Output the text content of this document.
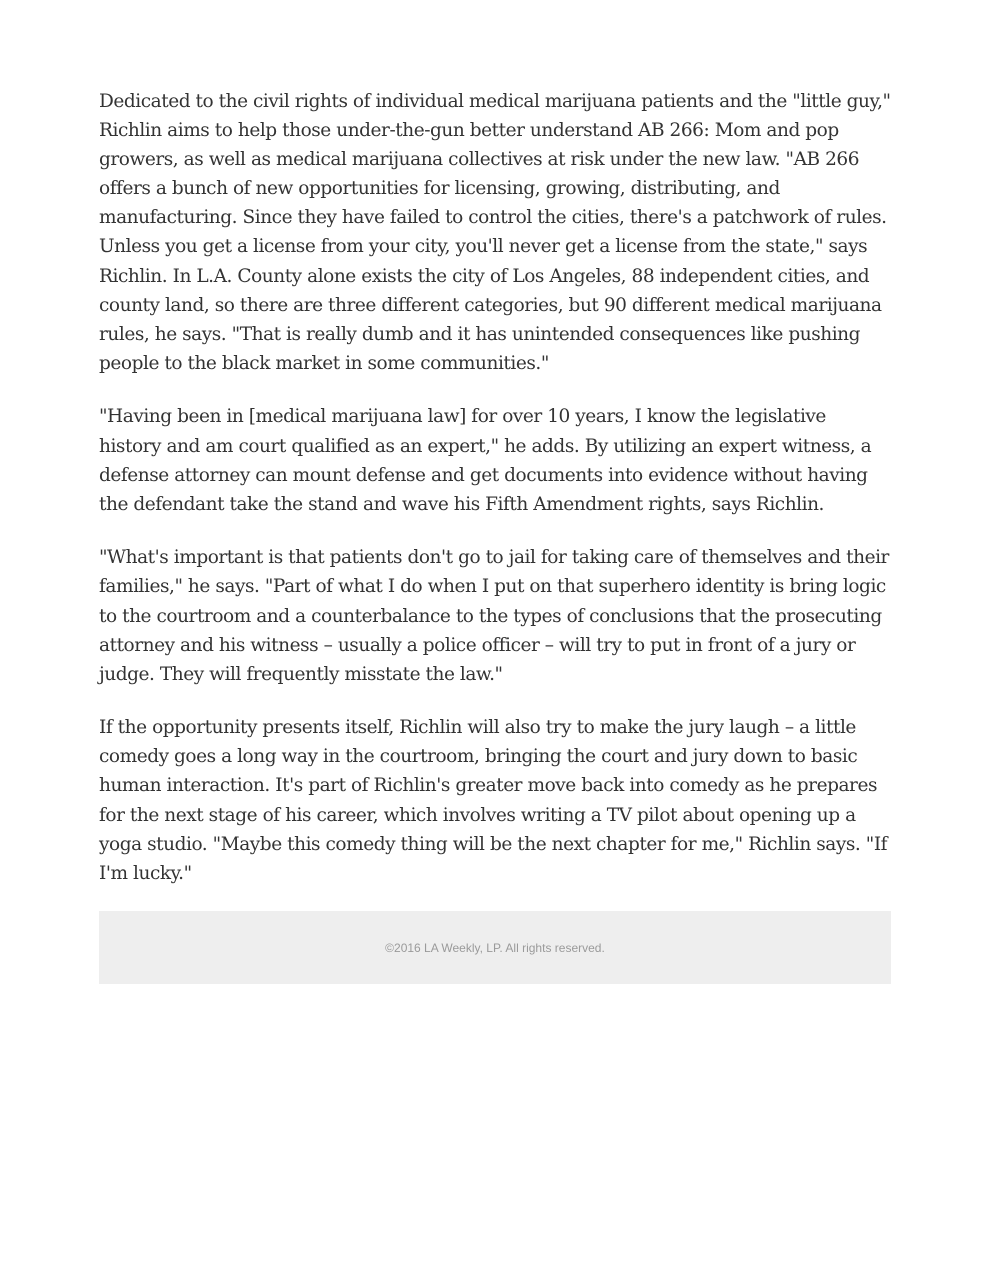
Dedicated to the civil rights of individual medical marijuana patients and the "little guy," Richlin aims to help those under-the-gun better understand AB 266: Mom and pop growers, as well as medical marijuana collectives at risk under the new law. "AB 266 offers a bunch of new opportunities for licensing, growing, distributing, and manufacturing. Since they have failed to control the cities, there's a patchwork of rules. Unless you get a license from your city, you'll never get a license from the state," says Richlin. In L.A. County alone exists the city of Los Angeles, 88 independent cities, and county land, so there are three different categories, but 90 different medical marijuana rules, he says. "That is really dumb and it has unintended consequences like pushing people to the black market in some communities."

"Having been in [medical marijuana law] for over 10 years, I know the legislative history and am court qualified as an expert," he adds. By utilizing an expert witness, a defense attorney can mount defense and get documents into evidence without having the defendant take the stand and wave his Fifth Amendment rights, says Richlin.

"What's important is that patients don't go to jail for taking care of themselves and their families," he says. "Part of what I do when I put on that superhero identity is bring logic to the courtroom and a counterbalance to the types of conclusions that the prosecuting attorney and his witness – usually a police officer – will try to put in front of a jury or judge. They will frequently misstate the law."

If the opportunity presents itself, Richlin will also try to make the jury laugh – a little comedy goes a long way in the courtroom, bringing the court and jury down to basic human interaction. It's part of Richlin's greater move back into comedy as he prepares for the next stage of his career, which involves writing a TV pilot about opening up a yoga studio. "Maybe this comedy thing will be the next chapter for me," Richlin says. "If I'm lucky."

©2016 LA Weekly, LP. All rights reserved.
